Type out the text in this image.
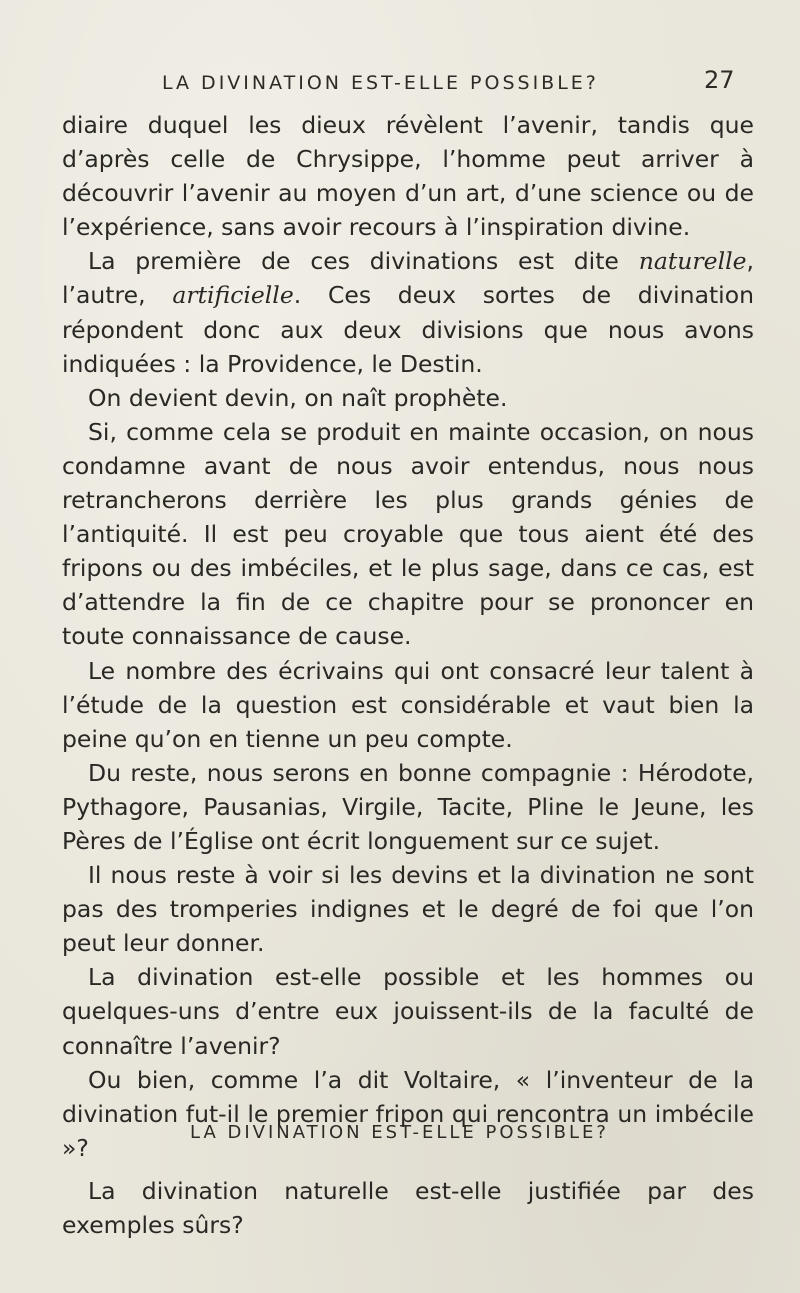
LA DIVINATION EST-ELLE POSSIBLE?	27

diaire duquel les dieux révèlent l’avenir, tandis que d’après celle de Chrysippe, l’homme peut arriver à découvrir l’avenir au moyen d’un art, d’une science ou de l’expérience, sans avoir recours à l’inspiration divine.

La première de ces divinations est dite naturelle, l’autre, artificielle. Ces deux sortes de divination répondent donc aux deux divisions que nous avons indiquées : la Providence, le Destin.

On devient devin, on naît prophète.

Si, comme cela se produit en mainte occasion, on nous condamne avant de nous avoir entendus, nous nous retrancherons derrière les plus grands génies de l’antiquité. Il est peu croyable que tous aient été des fripons ou des imbéciles, et le plus sage, dans ce cas, est d’attendre la fin de ce chapitre pour se prononcer en toute connaissance de cause.

Le nombre des écrivains qui ont consacré leur talent à l’étude de la question est considérable et vaut bien la peine qu’on en tienne un peu compte.

Du reste, nous serons en bonne compagnie : Hérodote, Pythagore, Pausanias, Virgile, Tacite, Pline le Jeune, les Pères de l’Église ont écrit longuement sur ce sujet.

Il nous reste à voir si les devins et la divination ne sont pas des tromperies indignes et le degré de foi que l’on peut leur donner.

La divination est-elle possible et les hommes ou quelques-uns d’entre eux jouissent-ils de la faculté de connaître l’avenir?

Ou bien, comme l’a dit Voltaire, « l’inventeur de la divination fut-il le premier fripon qui rencontra un imbécile »?

LA DIVINATION EST-ELLE POSSIBLE?

La divination naturelle est-elle justifiée par des exemples sûrs?
